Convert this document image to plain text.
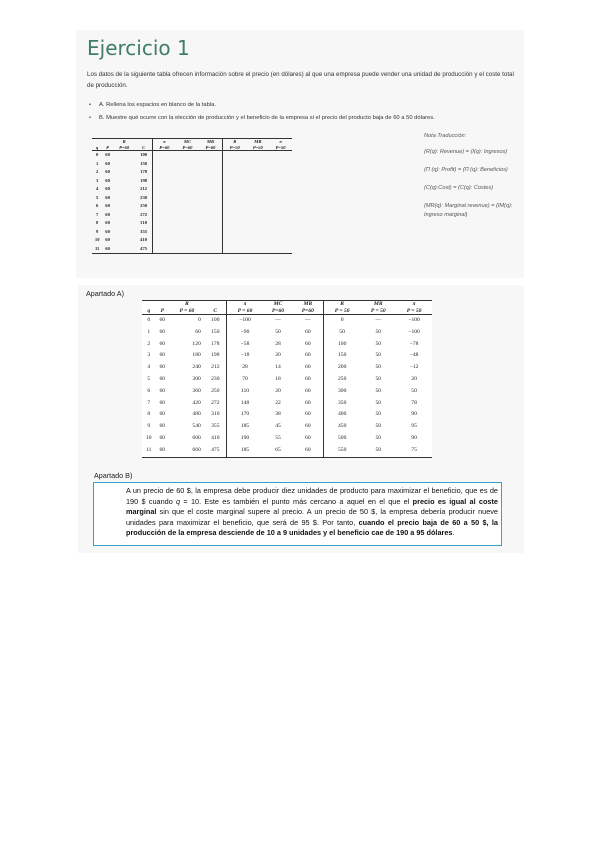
Ejercicio 1
Los datos de la siguiente tabla ofrecen información sobre el precio (en dólares) al que una empresa puede vender una unidad de producción y el coste total de producción.
• A. Rellena los espacios en blanco de la tabla.
• B. Muestre qué ocurre con la elección de producción y el beneficio de la empresa si el precio del producto baja de 60 a 50 dólares.
		R		π	MC	MR	R	MR	π
q	P	P=60	C	P=60	P=60	P=60	P=50	P=50	P=50
0	60		100						
1	60		150						
2	60		178						
3	60		198						
4	60		212						
5	60		230						
6	60		250						
7	60		272						
8	60		310						
9	60		355						
10	60		410						
11	60		475						
Nota Traducción:
(R(q): Revenue) = (I(q): Ingresos)
(Π (q): Profit) = (Π (q): Beneficios)
(C(q):Cost) = (C(q): Costes)
(MR(q): Marginal revenue) = (IM(q): Ingreso marginal)
Apartado A)
		R		π	MC	MR	R	MR	π
q	P	P = 60	C	P = 60	P=60	P=60	P = 50	P = 50	P = 50
0	60	0	100	−100	—	—	0	—	−100
1	60	60	150	−90	50	60	50	50	−100
2	60	120	178	−58	28	60	100	50	−78
3	60	180	198	−18	20	60	150	50	−48
4	60	240	212	28	14	60	200	50	−12
5	60	300	230	70	18	60	250	50	20
6	60	360	250	110	20	60	300	50	50
7	60	420	272	148	22	60	350	50	78
8	60	480	310	170	38	60	400	50	90
9	60	540	355	185	45	60	450	50	95
10	60	600	410	190	55	60	500	50	90
11	60	660	475	185	65	60	550	50	75
Apartado B)
A un precio de 60 $, la empresa debe producir diez unidades de producto para maximizar el beneficio, que es de 190 $ cuando q = 10. Este es también el punto más cercano a aquel en el que el precio es igual al coste marginal sin que el coste marginal supere al precio. A un precio de 50 $, la empresa debería producir nueve unidades para maximizar el beneficio, que será de 95 $. Por tanto, cuando el precio baja de 60 a 50 $, la producción de la empresa desciende de 10 a 9 unidades y el beneficio cae de 190 a 95 dólares.
